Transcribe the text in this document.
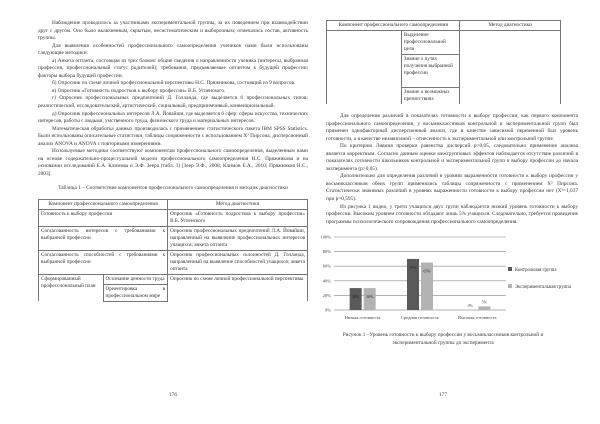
Наблюдение проводилось за участниками экспериментальной группы, за их поведением при взаимодействии друг с другом. Оно было включенным, скрытым, несистематическим и выборочным; отмечались состав, активность группы.

Для выявления особенностей профессионального самоопределения учеников нами были использованы следующие методики:

а) Анкета оптанта, состоящая из трех блоков: общие сведения о направленности ученика (интересы, выбранная профессия, профессиональный статус родителей); требования, предъявляемые оптантом к будущей профессии; факторы выбора будущей профессии.

б) Опросник по схеме личной профессиональной перспективы Н.С. Пряжникова, состоящий из 9 вопросов.

в) Опросник «Готовность подростков к выбору профессии» В.Б. Успенского.

г) Опросник профессиональных предпочтений Д. Голланда, где выделяется 6 профессиональных типов: реалистический, исследовательский, артистический, социальный, предприимчивый, конвенциональный.

д) Опросник профессиональных интересов Л.А. Йовайши, где выделяется 6 сфер: сферы искусства, технических интересов, работы с людьми, умственного труда, физического труда и материальных интересов.

Математическая обработка данных производилась с применением статистического пакета IBM SPSS Statistics. Были использованы описательные статистики, таблицы сопряженности с использованием X² Пирсона, дисперсионный анализ ANOVA и ANOVA с повторными измерениями.

Используемые методики соответствуют компонентам профессионального самоопределения, выделенным нами на основе содержательно-процессуальной модели профессионального самоопределения Н.С. Пряжникова и на основании исследований Е.А. Климова и Э.Ф. Зеера (табл. 1) [Зеер Э.Ф., 2008; Климов Е.А., 2010; Пряжников Н.С., 2003].

Таблица 1 – Соответствие компонентов профессионального самоопределения и методик диагностики
Компонент профессионального самоопределения		Метод диагностики
Готовность к выбору профессии		Опросник «Готовность подростков к выбору профессии» В.Б. Успенского
Согласованность интересов с требованиями к выбранной профессии		Опросник профессиональных предпочтений Л.А. Йовайши, направленный на выявление профессиональных интересов учащихся; анкета оптанта
Согласованность способностей с требованиями к выбранной профессии		Опросник профессиональных склонностей Д. Голланда, направленный на выявление способностей учащихся; анкета оптанта
Сформированный профессиональный план	Осознание ценности труда	Опросник по схеме личной профессиональной перспективы
	Ориентировка в профессиональном мире	
176
Компонент профессионального самоопределения		Метод диагностики
	Выделение профессиональной цели	
	Знание о путях получения выбранной профессии	
	Знание о возможных препятствиях	

Для определения различий в показателях готовности к выбору профессии, как первого компонента профессионального самоопределения, у восьмиклассников контрольной и экспериментальной групп был применен однофакторный дисперсионный анализ, где в качестве зависимой переменной был уровень готовности, а в качестве независимой – отнесенность к экспериментальной или контрольной группе.

По критерию Ливиня проверки равенства дисперсий p>0,05, следовательно применение анализа является корректным. Согласно данным оценки межгрупповых эффектов наблюдается отсутствие различий в показателях готовности школьников контрольной и экспериментальной групп к выбору профессии до начала эксперимента (p>0,05).

Дополнительно для определения различий в уровнях выраженности готовности к выбору профессии у восьмиклассников обеих групп применялись таблицы сопряженности с применением X² Пирсона. Статистически значимых различий в уровнях выраженности готовности к выбору профессии нет (X²=1,037 при p=0,595).

Из рисунка 1 видно, у трети учащихся двух групп наблюдается низкий уровень готовности к выбору профессии. Высоким уровнем готовности обладают лишь 5% учащихся. Следовательно, требуется проведение программы психологического сопровождения профессионального самоопределения.

0%
20%
40%
60%
80%
100%
Низкая готовность
30% 30%
Средняя готовность
70%
65%
Высокая готовность
0%
5%
Контрольная группа
Экспериментальная группа
Рисунок 1 –Уровень готовности к выбору профессии у восьмиклассников контрольной и экспериментальной группы до эксперимента
177
